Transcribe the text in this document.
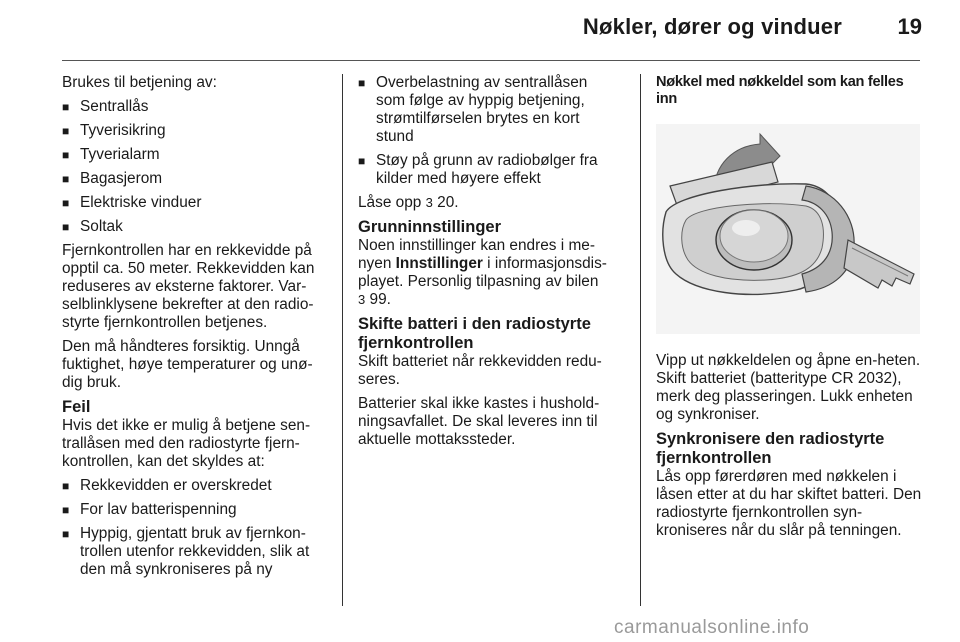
Nøkler, dører og vinduer	19

Brukes til betjening av:

■ Sentrallås
■ Tyverisikring
■ Tyverialarm
■ Bagasjerom
■ Elektriske vinduer
■ Soltak

Fjernkontrollen har en rekkevidde på opptil ca. 50 meter. Rekkevidden kan reduseres av eksterne faktorer. Var-selblinklysene bekrefter at den radio-styrte fjernkontrollen betjenes.

Den må håndteres forsiktig. Unngå fuktighet, høye temperaturer og unø-dig bruk.

Feil

Hvis det ikke er mulig å betjene sen-trallåsen med den radiostyrte fjern-kontrollen, kan det skyldes at:

■ Rekkevidden er overskredet
■ For lav batterispenning
■ Hyppig, gjentatt bruk av fjernkon-trollen utenfor rekkevidden, slik at den må synkroniseres på ny
■ Overbelastning av sentrallåsen som følge av hyppig betjening, strømtilførselen brytes en kort stund
■ Støy på grunn av radiobølger fra kilder med høyere effekt

Låse opp 3 20.

Grunninnstillinger

Noen innstillinger kan endres i me-nyen Innstillinger i informasjonsdis-playet. Personlig tilpasning av bilen
3 99.

Skifte batteri i den radiostyrte fjernkontrollen

Skift batteriet når rekkevidden redu-seres.

Batterier skal ikke kastes i hushold-ningsavfallet. De skal leveres inn til aktuelle mottakssteder.

Nøkkel med nøkkeldel som kan felles inn

Vipp ut nøkkeldelen og åpne en-heten. Skift batteriet (batteritype CR 2032), merk deg plasseringen. Lukk enheten og synkroniser.

Synkronisere den radiostyrte fjernkontrollen

Lås opp førerdøren med nøkkelen i låsen etter at du har skiftet batteri. Den radiostyrte fjernkontrollen syn-kroniseres når du slår på tenningen.

carmanualsonline.info
